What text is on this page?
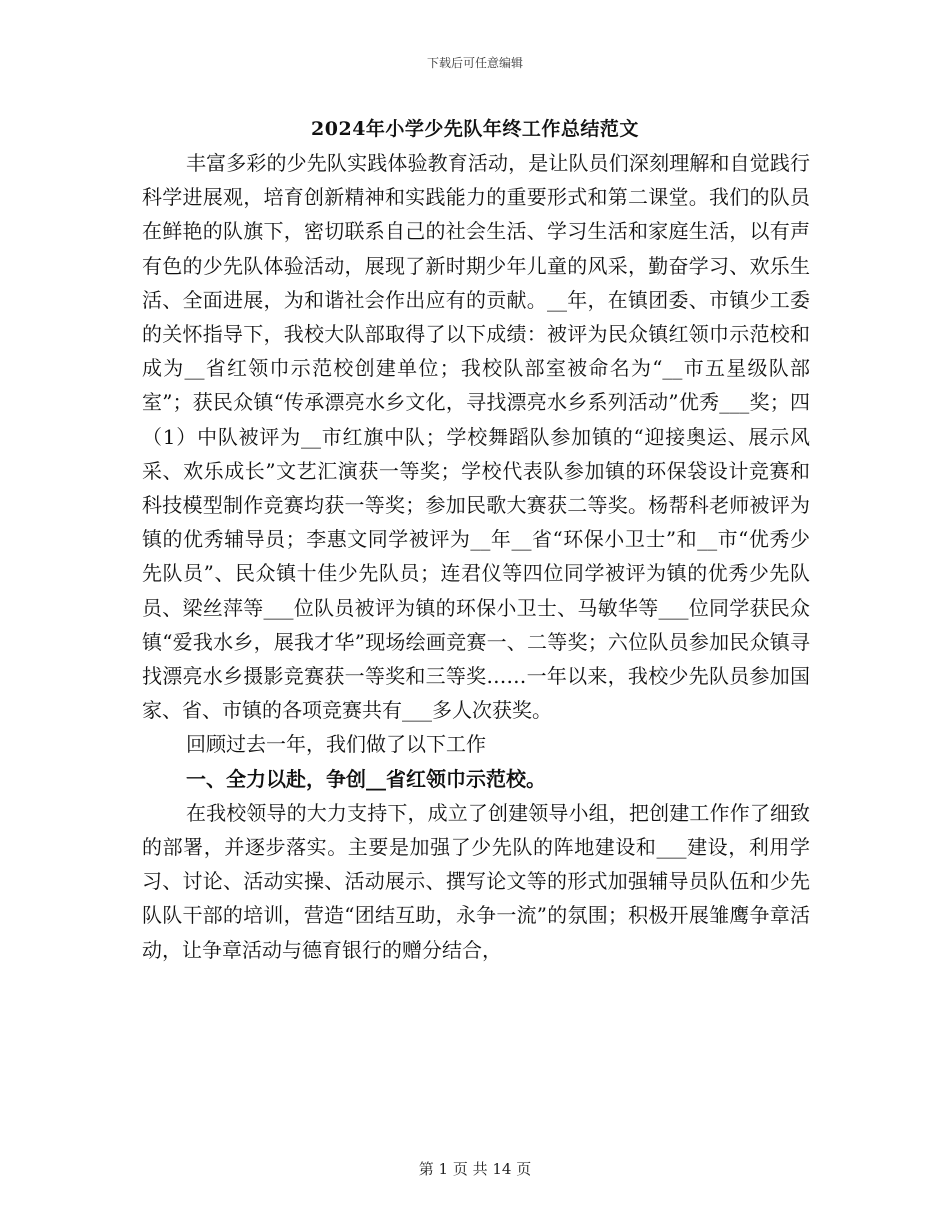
下载后可任意编辑
2024年小学少先队年终工作总结范文

丰富多彩的少先队实践体验教育活动，是让队员们深刻理解和自觉践行科学进展观，培育创新精神和实践能力的重要形式和第二课堂。我们的队员在鲜艳的队旗下，密切联系自己的社会生活、学习生活和家庭生活，以有声有色的少先队体验活动，展现了新时期少年儿童的风采，勤奋学习、欢乐生活、全面进展，为和谐社会作出应有的贡献。__年，在镇团委、市镇少工委的关怀指导下，我校大队部取得了以下成绩：被评为民众镇红领巾示范校和成为__省红领巾示范校创建单位；我校队部室被命名为“__市五星级队部室”；获民众镇“传承漂亮水乡文化，寻找漂亮水乡系列活动”优秀___奖；四（1）中队被评为__市红旗中队；学校舞蹈队参加镇的“迎接奥运、展示风采、欢乐成长”文艺汇演获一等奖；学校代表队参加镇的环保袋设计竞赛和科技模型制作竞赛均获一等奖；参加民歌大赛获二等奖。杨帮科老师被评为镇的优秀辅导员；李惠文同学被评为__年__省“环保小卫士”和__市“优秀少先队员”、民众镇十佳少先队员；连君仪等四位同学被评为镇的优秀少先队员、梁丝萍等___位队员被评为镇的环保小卫士、马敏华等___位同学获民众镇“爱我水乡，展我才华”现场绘画竞赛一、二等奖；六位队员参加民众镇寻找漂亮水乡摄影竞赛获一等奖和三等奖……一年以来，我校少先队员参加国家、省、市镇的各项竞赛共有___多人次获奖。

回顾过去一年，我们做了以下工作

一、全力以赴，争创__省红领巾示范校。

在我校领导的大力支持下，成立了创建领导小组，把创建工作作了细致的部署，并逐步落实。主要是加强了少先队的阵地建设和___建设，利用学习、讨论、活动实操、活动展示、撰写论文等的形式加强辅导员队伍和少先队队干部的培训，营造“团结互助，永争一流”的氛围；积极开展雏鹰争章活动，让争章活动与德育银行的赠分结合，

第 1 页 共 14 页
